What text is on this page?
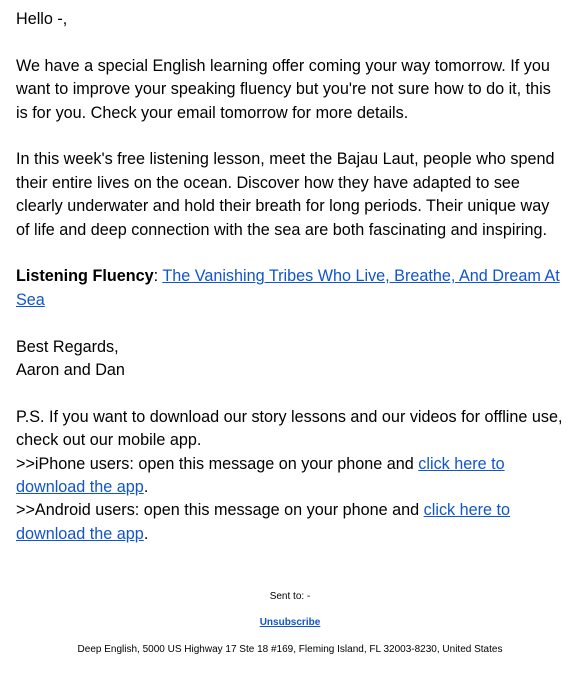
Hello -,

We have a special English learning offer coming your way tomorrow. If you want to improve your speaking fluency but you're not sure how to do it, this is for you. Check your email tomorrow for more details.

In this week's free listening lesson, meet the Bajau Laut, people who spend their entire lives on the ocean. Discover how they have adapted to see clearly underwater and hold their breath for long periods. Their unique way of life and deep connection with the sea are both fascinating and inspiring.

Listening Fluency: The Vanishing Tribes Who Live, Breathe, And Dream At Sea

Best Regards,
Aaron and Dan

P.S. If you want to download our story lessons and our videos for offline use, check out our mobile app.
>>iPhone users: open this message on your phone and click here to download the app.
>>Android users: open this message on your phone and click here to download the app.

Sent to: -
Unsubscribe
Deep English, 5000 US Highway 17 Ste 18 #169, Fleming Island, FL 32003-8230, United States
